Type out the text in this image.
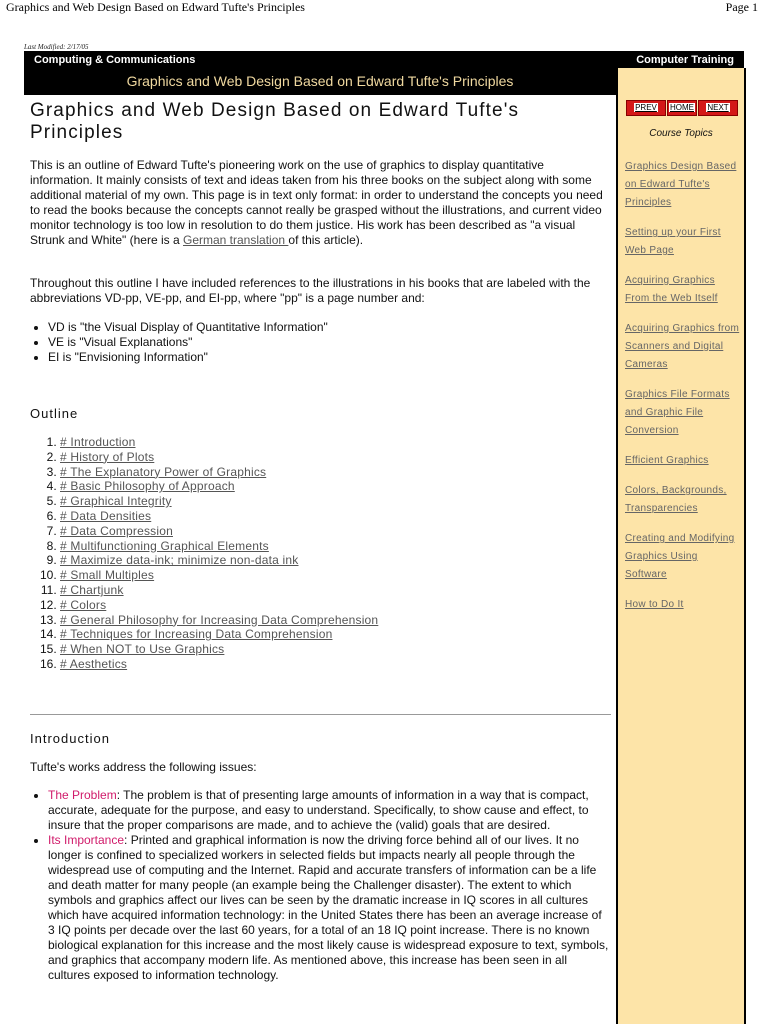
Graphics and Web Design Based on Edward Tufte's Principles	Page 1
Last Modified: 2/17/05
Computing & Communications	Computer Training
Graphics and Web Design Based on Edward Tufte's Principles
PREV	HOME	NEXT
Course Topics
Graphics Design Based on Edward Tufte's Principles
Setting up your First Web Page
Acquiring Graphics From the Web Itself
Acquiring Graphics from Scanners and Digital Cameras
Graphics File Formats and Graphic File Conversion
Efficient Graphics
Colors, Backgrounds, Transparencies
Creating and Modifying Graphics Using Software
How to Do It
Graphics and Web Design Based on Edward Tufte's Principles

This is an outline of Edward Tufte's pioneering work on the use of graphics to display quantitative information. It mainly consists of text and ideas taken from his three books on the subject along with some additional material of my own. This page is in text only format: in order to understand the concepts you need to read the books because the concepts cannot really be grasped without the illustrations, and current video monitor technology is too low in resolution to do them justice. His work has been described as "a visual Strunk and White" (here is a German translation of this article).

Throughout this outline I have included references to the illustrations in his books that are labeled with the abbreviations VD-pp, VE-pp, and EI-pp, where "pp" is a page number and:

• VD is "the Visual Display of Quantitative Information"
• VE is "Visual Explanations"
• EI is "Envisioning Information"
Outline
1. # Introduction
2. # History of Plots
3. # The Explanatory Power of Graphics
4. # Basic Philosophy of Approach
5. # Graphical Integrity
6. # Data Densities
7. # Data Compression
8. # Multifunctioning Graphical Elements
9. # Maximize data-ink; minimize non-data ink
10. # Small Multiples
11. # Chartjunk
12. # Colors
13. # General Philosophy for Increasing Data Comprehension
14. # Techniques for Increasing Data Comprehension
15. # When NOT to Use Graphics
16. # Aesthetics
Introduction

Tufte's works address the following issues:

• The Problem: The problem is that of presenting large amounts of information in a way that is compact, accurate, adequate for the purpose, and easy to understand. Specifically, to show cause and effect, to insure that the proper comparisons are made, and to achieve the (valid) goals that are desired.
• Its Importance: Printed and graphical information is now the driving force behind all of our lives. It no longer is confined to specialized workers in selected fields but impacts nearly all people through the widespread use of computing and the Internet. Rapid and accurate transfers of information can be a life and death matter for many people (an example being the Challenger disaster). The extent to which symbols and graphics affect our lives can be seen by the dramatic increase in IQ scores in all cultures which have acquired information technology: in the United States there has been an average increase of 3 IQ points per decade over the last 60 years, for a total of an 18 IQ point increase. There is no known biological explanation for this increase and the most likely cause is widespread exposure to text, symbols, and graphics that accompany modern life. As mentioned above, this increase has been seen in all cultures exposed to information technology.
